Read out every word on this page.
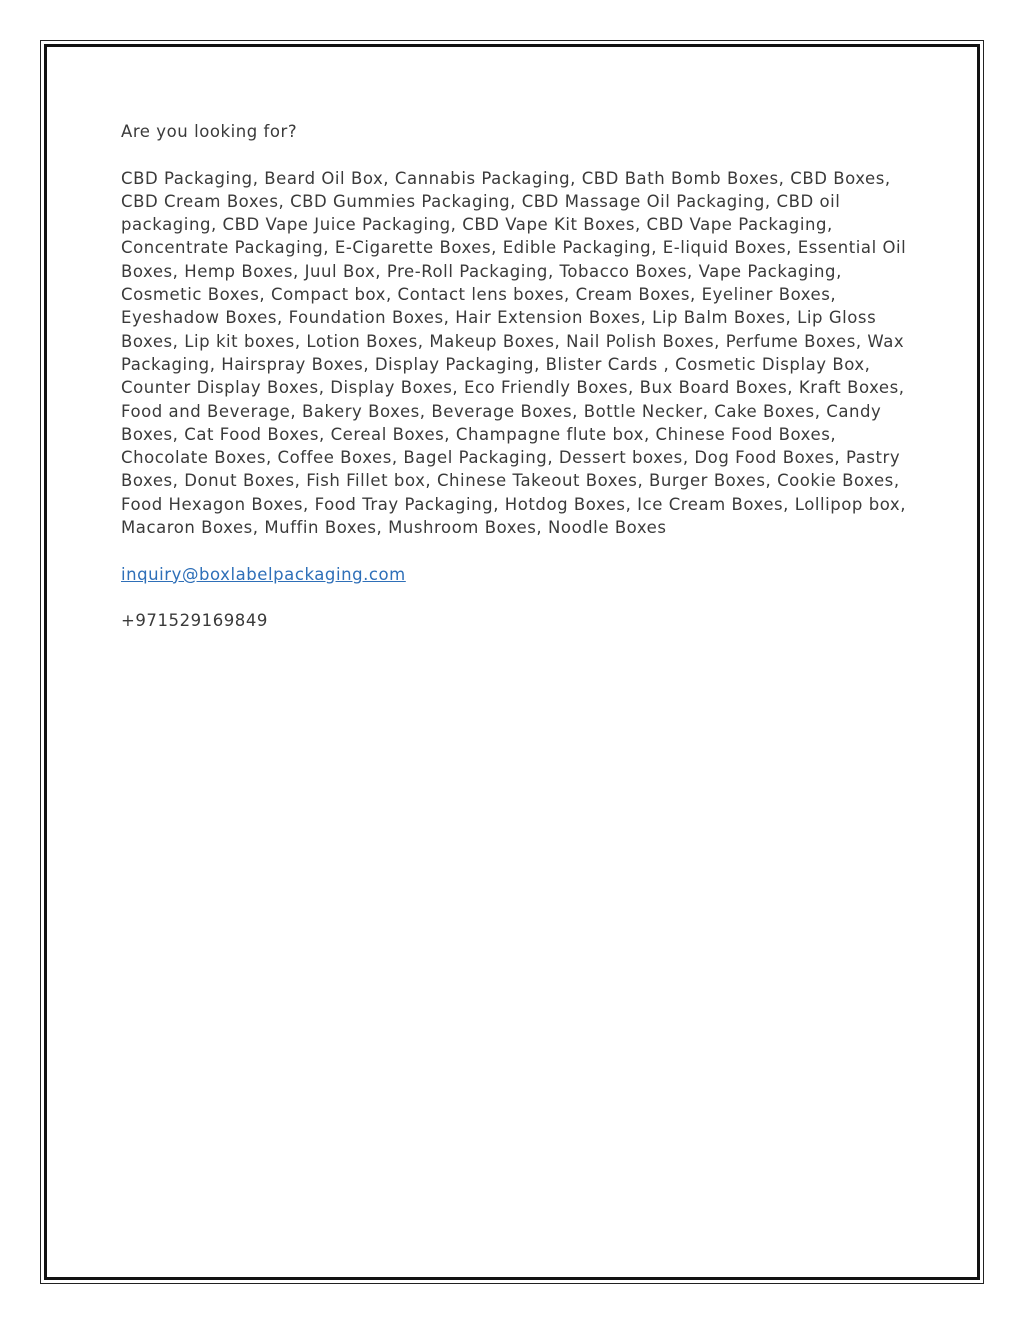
Are you looking for?

CBD Packaging, Beard Oil Box, Cannabis Packaging, CBD Bath Bomb Boxes, CBD Boxes, CBD Cream Boxes, CBD Gummies Packaging, CBD Massage Oil Packaging, CBD oil packaging, CBD Vape Juice Packaging, CBD Vape Kit Boxes, CBD Vape Packaging, Concentrate Packaging, E-Cigarette Boxes, Edible Packaging, E-liquid Boxes, Essential Oil Boxes, Hemp Boxes, Juul Box, Pre-Roll Packaging, Tobacco Boxes, Vape Packaging, Cosmetic Boxes, Compact box, Contact lens boxes, Cream Boxes, Eyeliner Boxes, Eyeshadow Boxes, Foundation Boxes, Hair Extension Boxes, Lip Balm Boxes, Lip Gloss Boxes, Lip kit boxes, Lotion Boxes, Makeup Boxes, Nail Polish Boxes, Perfume Boxes, Wax Packaging, Hairspray Boxes, Display Packaging, Blister Cards , Cosmetic Display Box, Counter Display Boxes, Display Boxes, Eco Friendly Boxes, Bux Board Boxes, Kraft Boxes, Food and Beverage, Bakery Boxes, Beverage Boxes, Bottle Necker, Cake Boxes, Candy Boxes, Cat Food Boxes, Cereal Boxes, Champagne flute box, Chinese Food Boxes, Chocolate Boxes, Coffee Boxes, Bagel Packaging, Dessert boxes, Dog Food Boxes, Pastry Boxes, Donut Boxes, Fish Fillet box, Chinese Takeout Boxes, Burger Boxes, Cookie Boxes, Food Hexagon Boxes, Food Tray Packaging, Hotdog Boxes, Ice Cream Boxes, Lollipop box, Macaron Boxes, Muffin Boxes, Mushroom Boxes, Noodle Boxes

inquiry@boxlabelpackaging.com

+971529169849
